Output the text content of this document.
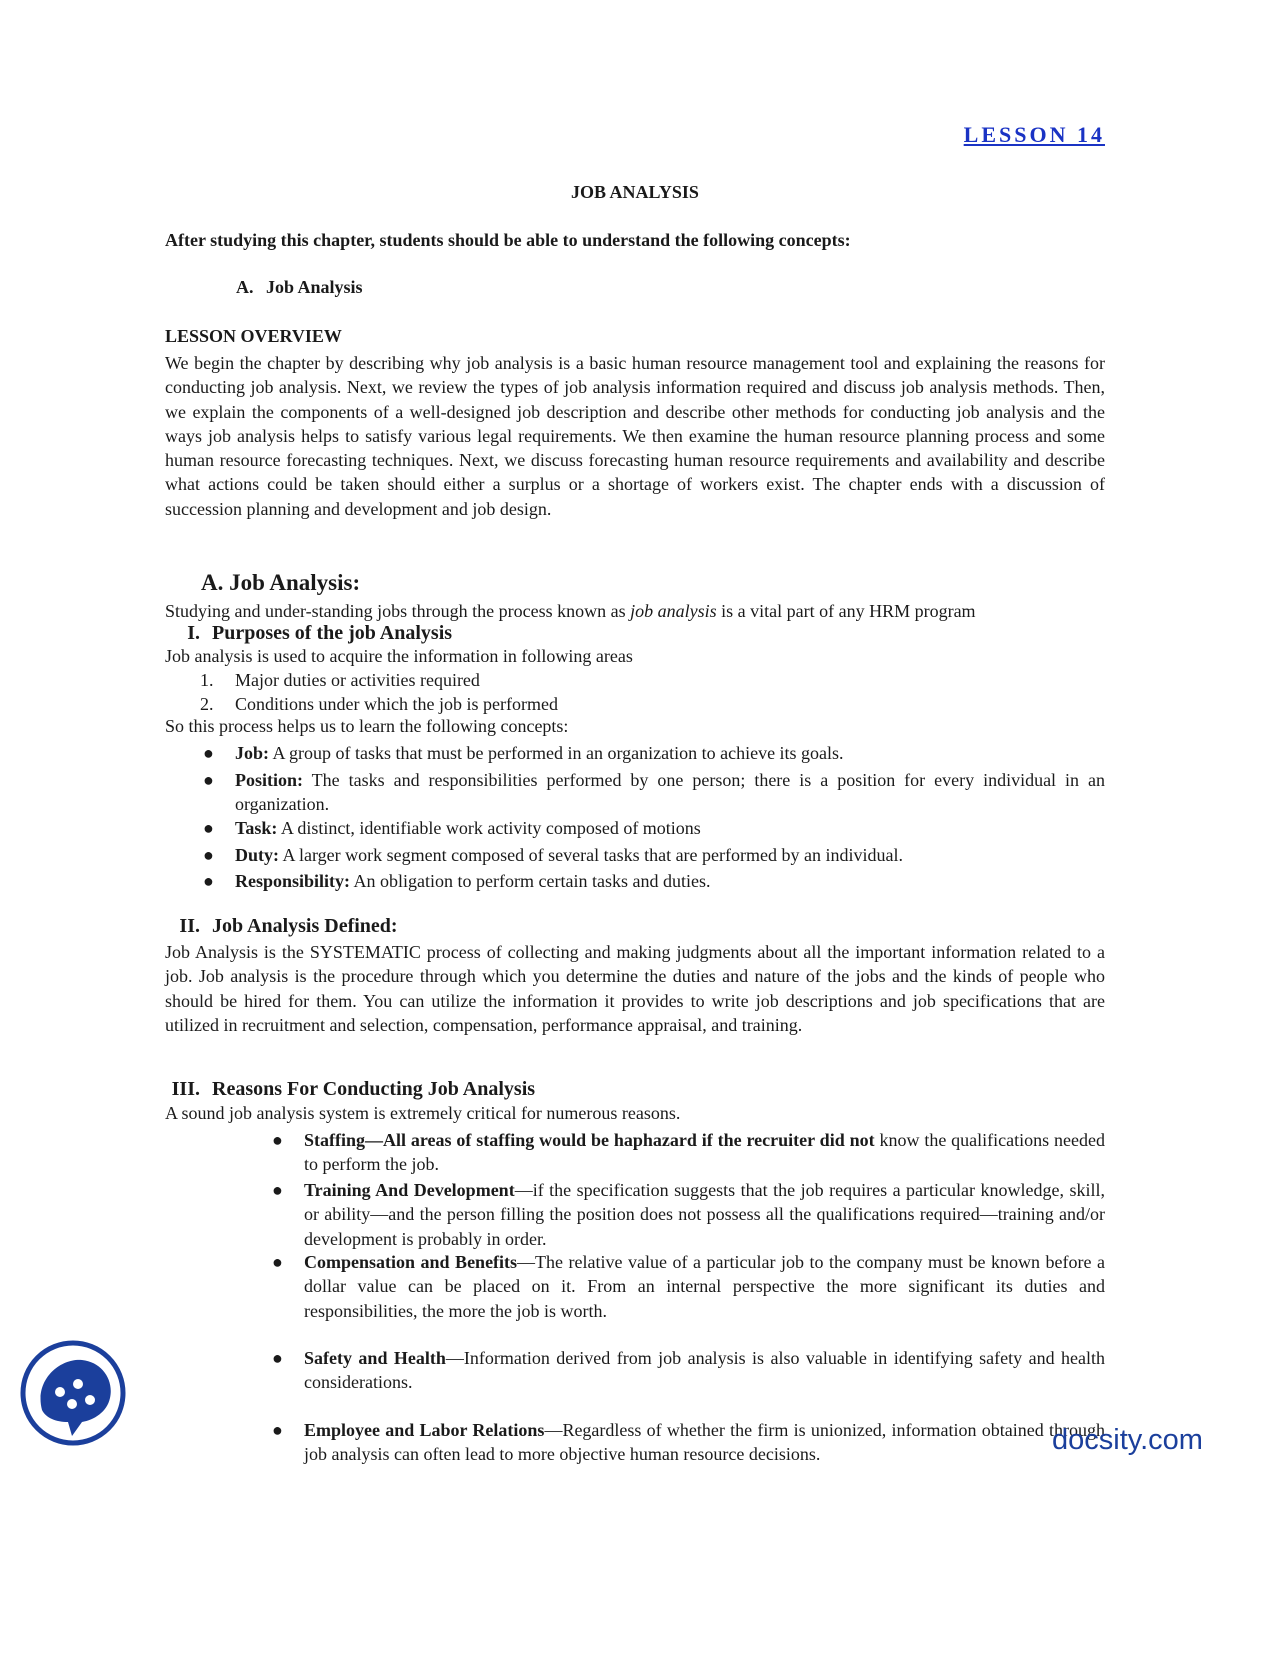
LESSON 14
JOB ANALYSIS
After studying this chapter, students should be able to understand the following concepts:
A. Job Analysis
LESSON OVERVIEW
We begin the chapter by describing why job analysis is a basic human resource management tool and explaining the reasons for conducting job analysis. Next, we review the types of job analysis information required and discuss job analysis methods. Then, we explain the components of a well-designed job description and describe other methods for conducting job analysis and the ways job analysis helps to satisfy various legal requirements. We then examine the human resource planning process and some human resource forecasting techniques. Next, we discuss forecasting human resource requirements and availability and describe what actions could be taken should either a surplus or a shortage of workers exist. The chapter ends with a discussion of succession planning and development and job design.
A. Job Analysis:
Studying and under-standing jobs through the process known as job analysis is a vital part of any HRM program
I. Purposes of the job Analysis
Job analysis is used to acquire the information in following areas
1. Major duties or activities required
2. Conditions under which the job is performed
So this process helps us to learn the following concepts:
● Job: A group of tasks that must be performed in an organization to achieve its goals.
● Position: The tasks and responsibilities performed by one person; there is a position for every individual in an organization.
● Task: A distinct, identifiable work activity composed of motions
● Duty: A larger work segment composed of several tasks that are performed by an individual.
● Responsibility: An obligation to perform certain tasks and duties.
II. Job Analysis Defined:
Job Analysis is the SYSTEMATIC process of collecting and making judgments about all the important information related to a job. Job analysis is the procedure through which you determine the duties and nature of the jobs and the kinds of people who should be hired for them. You can utilize the information it provides to write job descriptions and job specifications that are utilized in recruitment and selection, compensation, performance appraisal, and training.
III. Reasons For Conducting Job Analysis
A sound job analysis system is extremely critical for numerous reasons.
● Staffing—All areas of staffing would be haphazard if the recruiter did not know the qualifications needed to perform the job.
● Training And Development—if the specification suggests that the job requires a particular knowledge, skill, or ability—and the person filling the position does not possess all the qualifications required—training and/or development is probably in order.
● Compensation and Benefits—The relative value of a particular job to the company must be known before a dollar value can be placed on it. From an internal perspective the more significant its duties and responsibilities, the more the job is worth.
● Safety and Health—Information derived from job analysis is also valuable in identifying safety and health considerations.
● Employee and Labor Relations—Regardless of whether the firm is unionized, information obtained through job analysis can often lead to more objective human resource decisions.	docsity.com
